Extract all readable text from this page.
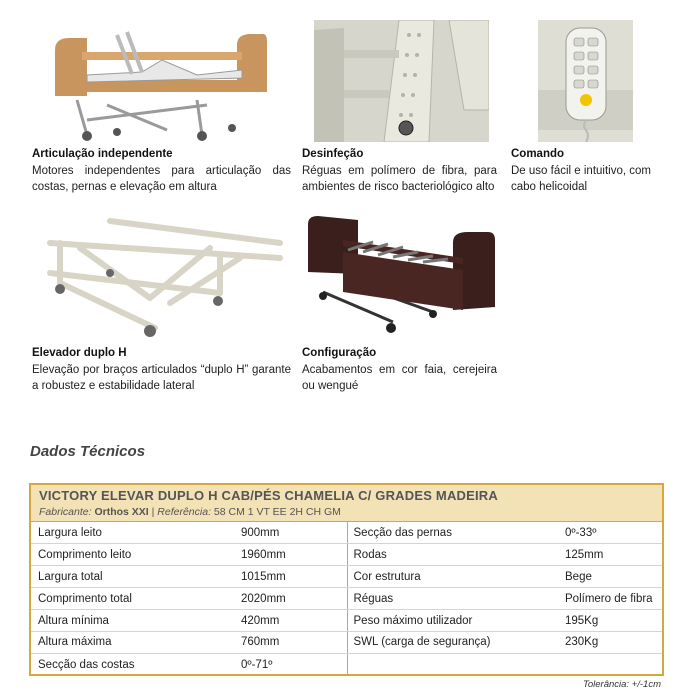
Articulação independente
Motores independentes para articulação das costas, pernas e elevação em altura
Desinfeção
Réguas em polímero de fibra, para ambientes de risco bacteriológico alto
Comando
De uso fácil e intuitivo, com cabo helicoidal
Elevador duplo H
Elevação por braços articulados “duplo H” garante a robustez e estabilidade lateral
Configuração
Acabamentos em cor faia, cerejeira ou wengué
Dados Técnicos
VICTORY ELEVAR DUPLO H CAB/PÉS CHAMELIA C/ GRADES MADEIRA
Fabricante: Orthos XXI | Referência: 58 CM 1 VT EE 2H CH GM
Largura leito	900mm	Secção das pernas	0º-33º
Comprimento leito	1960mm	Rodas	125mm
Largura total	1015mm	Cor estrutura	Bege
Comprimento total	2020mm	Réguas	Polímero de fibra
Altura mínima	420mm	Peso máximo utilizador	195Kg
Altura máxima	760mm	SWL (carga de segurança)	230Kg
Secção das costas	0º-71º		
Tolerância: +/-1cm
